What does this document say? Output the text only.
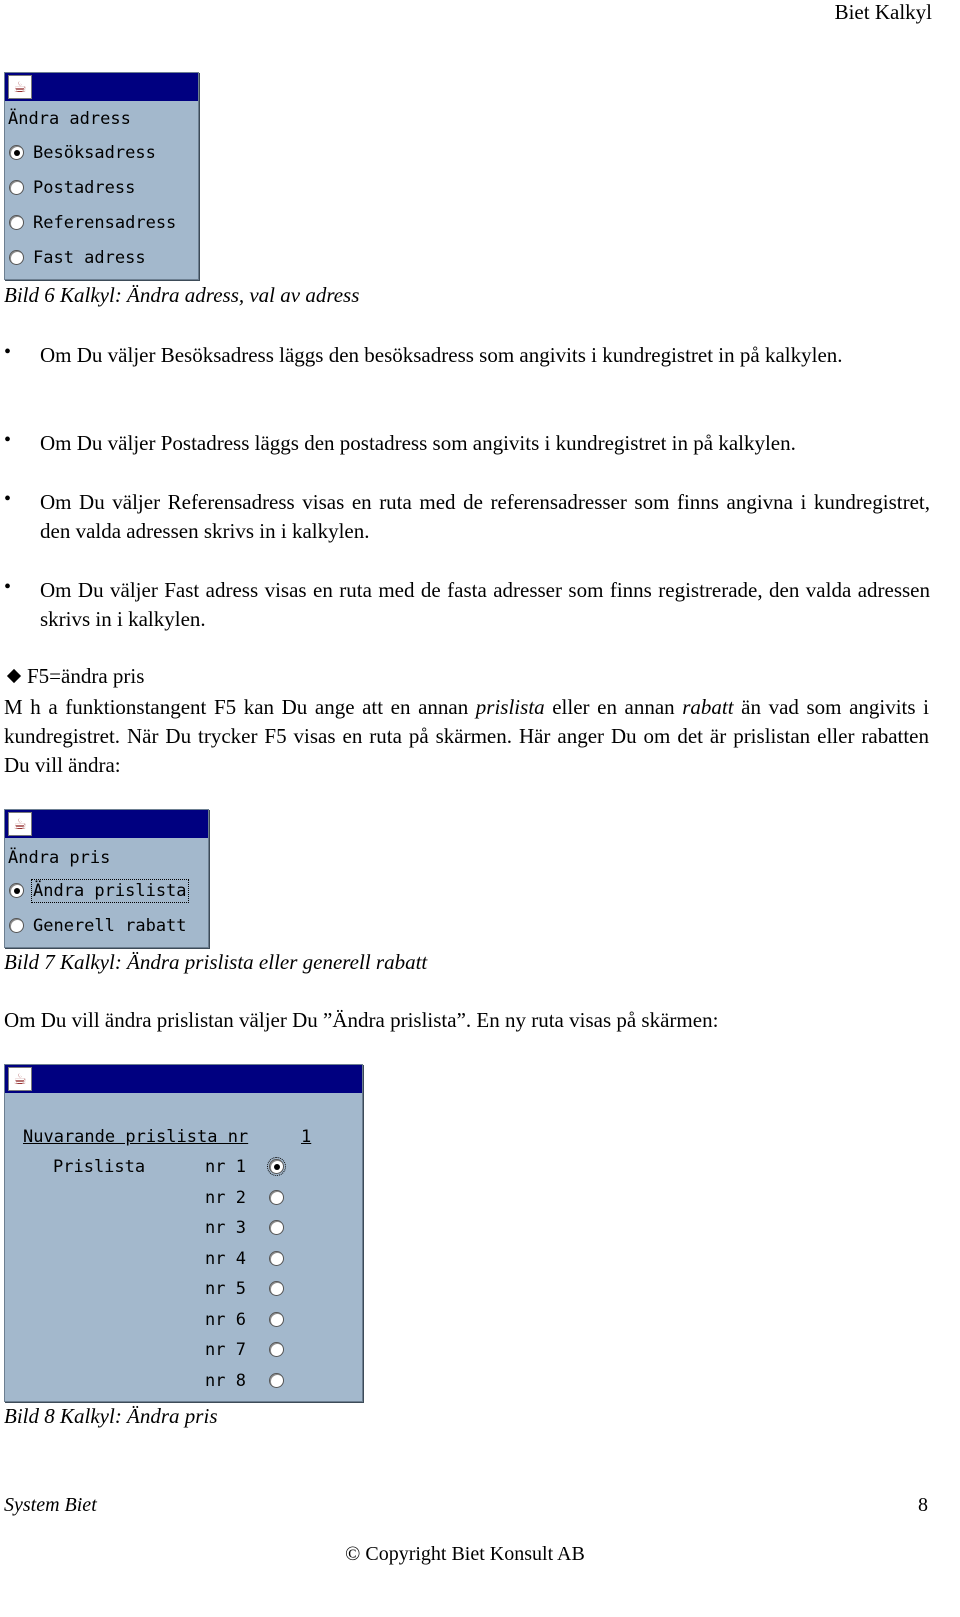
Biet Kalkyl
☕
Ändra adress
Besöksadress
Postadress
Referensadress
Fast adress
Bild 6 Kalkyl: Ändra adress, val av adress
• Om Du väljer Besöksadress läggs den besöksadress som angivits i kundregistret in på kalkylen.
• Om Du väljer Postadress läggs den postadress som angivits i kundregistret in på kalkylen.
• Om Du väljer Referensadress visas en ruta med de referensadresser som finns angivna i kundregistret, den valda adressen skrivs in i kalkylen.
• Om Du väljer Fast adress visas en ruta med de fasta adresser som finns registrerade, den valda adressen skrivs in i kalkylen.
F5=ändra pris
M h a funktionstangent F5 kan Du ange att en annan prislista eller en annan rabatt än vad som angivits i kundregistret. När Du trycker F5 visas en ruta på skärmen. Här anger Du om det är prislistan eller rabatten Du vill ändra:
☕
Ändra pris
Ändra prislista
Generell rabatt
Bild 7 Kalkyl: Ändra prislista eller generell rabatt
Om Du vill ändra prislistan väljer Du ”Ändra prislista”. En ny ruta visas på skärmen:
☕
Nuvarande prislista nr	1
Prislista	nr 1
nr 2
nr 3
nr 4
nr 5
nr 6
nr 7
nr 8
Bild 8 Kalkyl: Ändra pris
System Biet	8
© Copyright Biet Konsult AB
